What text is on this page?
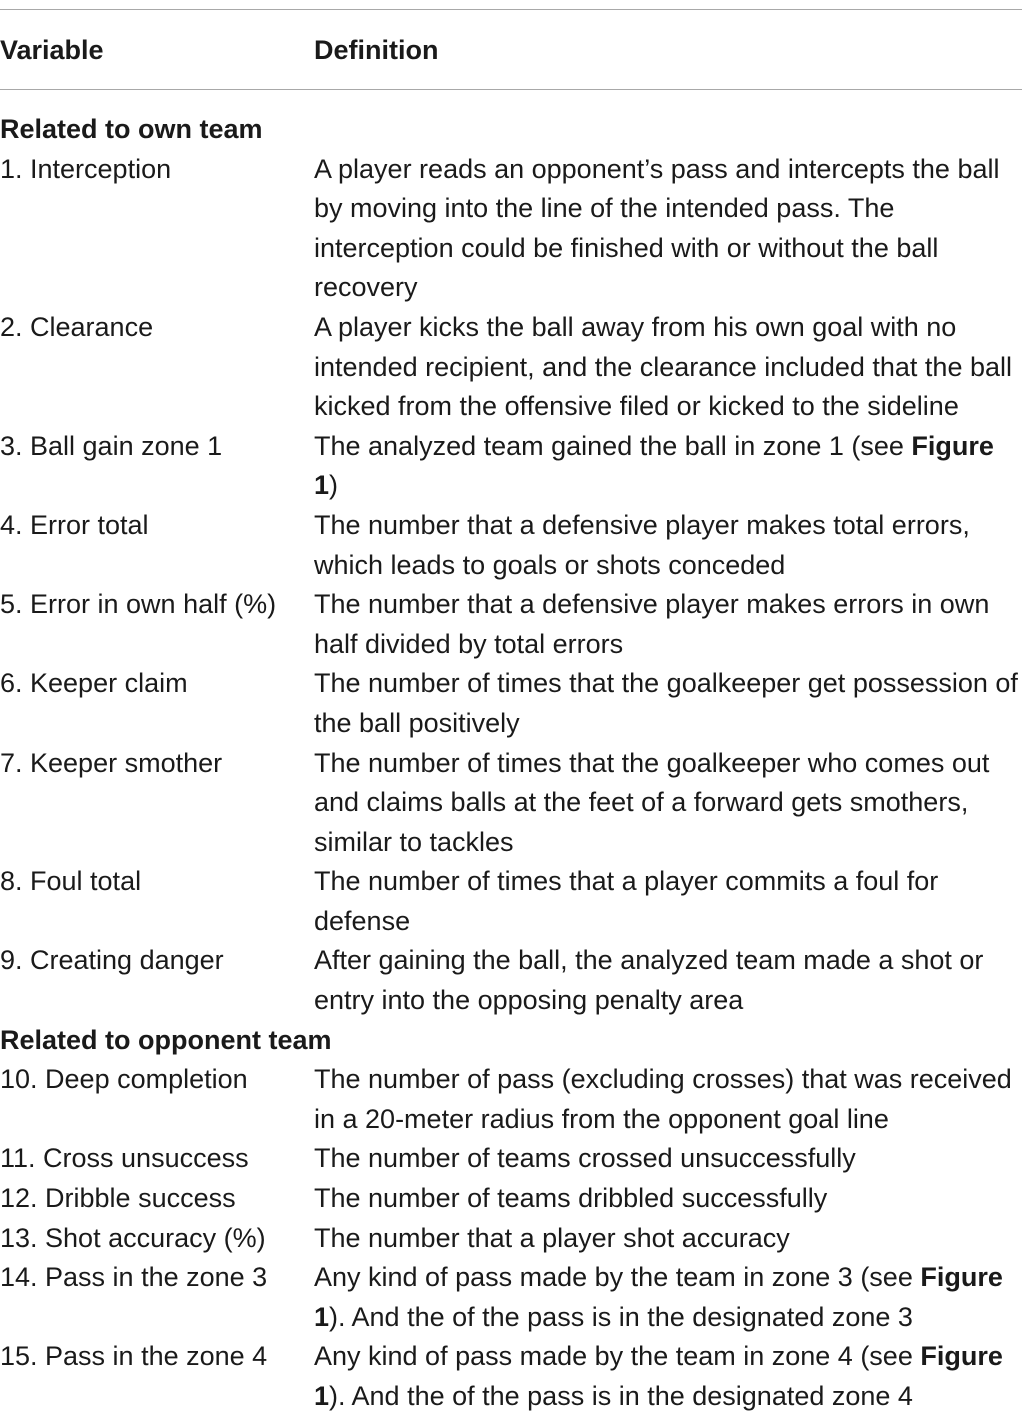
Variable	Definition
Related to own team
1. Interception	A player reads an opponent’s pass and intercepts the ball by moving into the line of the intended pass. The interception could be finished with or without the ball recovery
2. Clearance	A player kicks the ball away from his own goal with no intended recipient, and the clearance included that the ball kicked from the offensive filed or kicked to the sideline
3. Ball gain zone 1	The analyzed team gained the ball in zone 1 (see Figure 1)
4. Error total	The number that a defensive player makes total errors, which leads to goals or shots conceded
5. Error in own half (%)	The number that a defensive player makes errors in own half divided by total errors
6. Keeper claim	The number of times that the goalkeeper get possession of the ball positively
7. Keeper smother	The number of times that the goalkeeper who comes out and claims balls at the feet of a forward gets smothers, similar to tackles
8. Foul total	The number of times that a player commits a foul for defense
9. Creating danger	After gaining the ball, the analyzed team made a shot or entry into the opposing penalty area
Related to opponent team
10. Deep completion	The number of pass (excluding crosses) that was received in a 20-meter radius from the opponent goal line
11. Cross unsuccess	The number of teams crossed unsuccessfully
12. Dribble success	The number of teams dribbled successfully
13. Shot accuracy (%)	The number that a player shot accuracy
14. Pass in the zone 3	Any kind of pass made by the team in zone 3 (see Figure 1). And the of the pass is in the designated zone 3
15. Pass in the zone 4	Any kind of pass made by the team in zone 4 (see Figure 1). And the of the pass is in the designated zone 4
